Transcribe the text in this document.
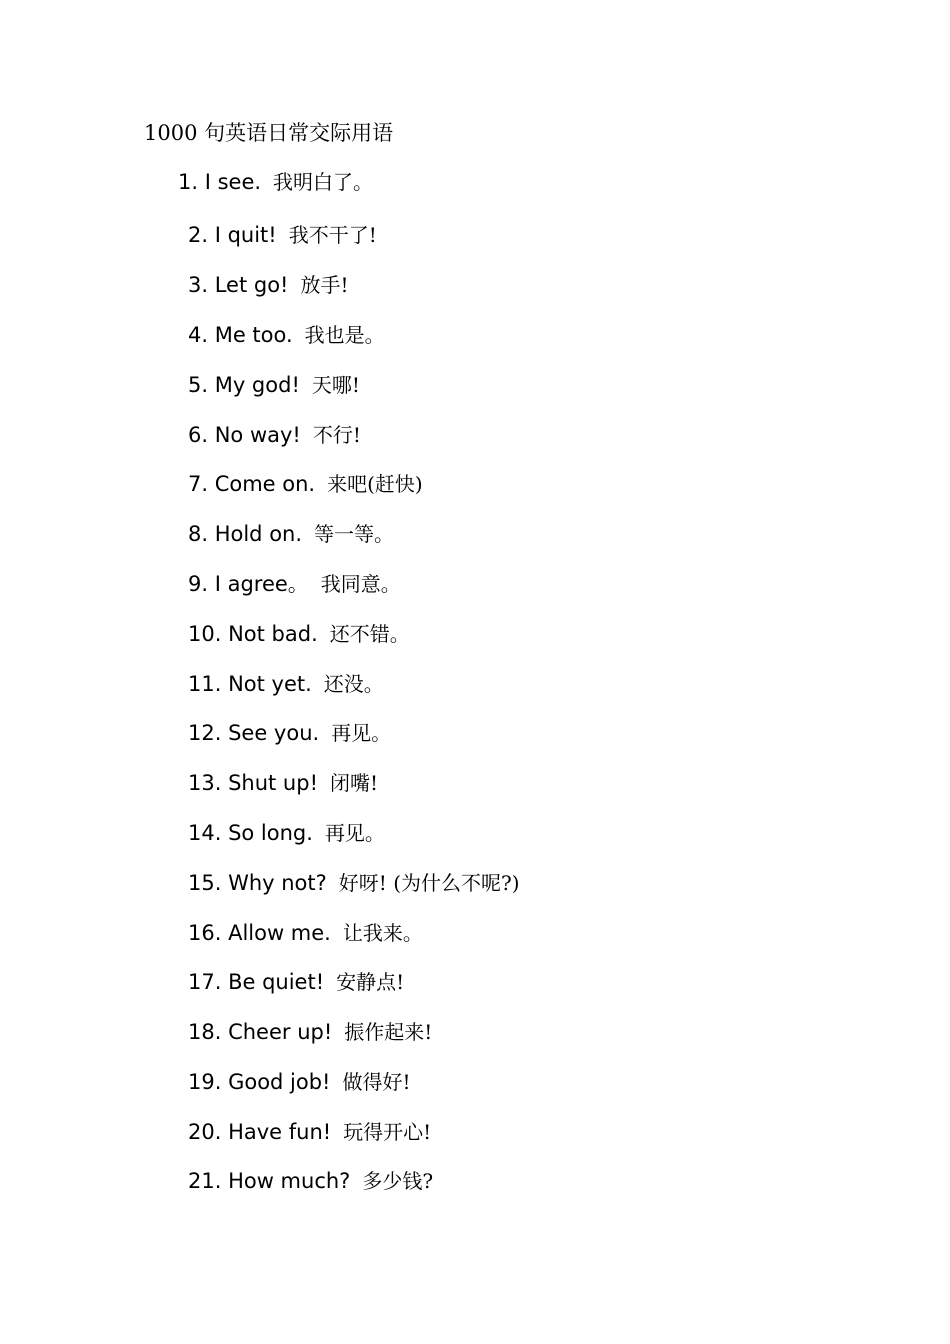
1000 句英语日常交际用语
1. I see. 我明白了。
2. I quit! 我不干了!
3. Let go! 放手!
4. Me too. 我也是。
5. My god! 天哪!
6. No way! 不行!
7. Come on. 来吧(赶快)
8. Hold on. 等一等。
9. I agree。 我同意。
10. Not bad. 还不错。
11. Not yet. 还没。
12. See you. 再见。
13. Shut up! 闭嘴!
14. So long. 再见。
15. Why not? 好呀! (为什么不呢?)
16. Allow me. 让我来。
17. Be quiet! 安静点!
18. Cheer up! 振作起来!
19. Good job! 做得好!
20. Have fun! 玩得开心!
21. How much? 多少钱?
